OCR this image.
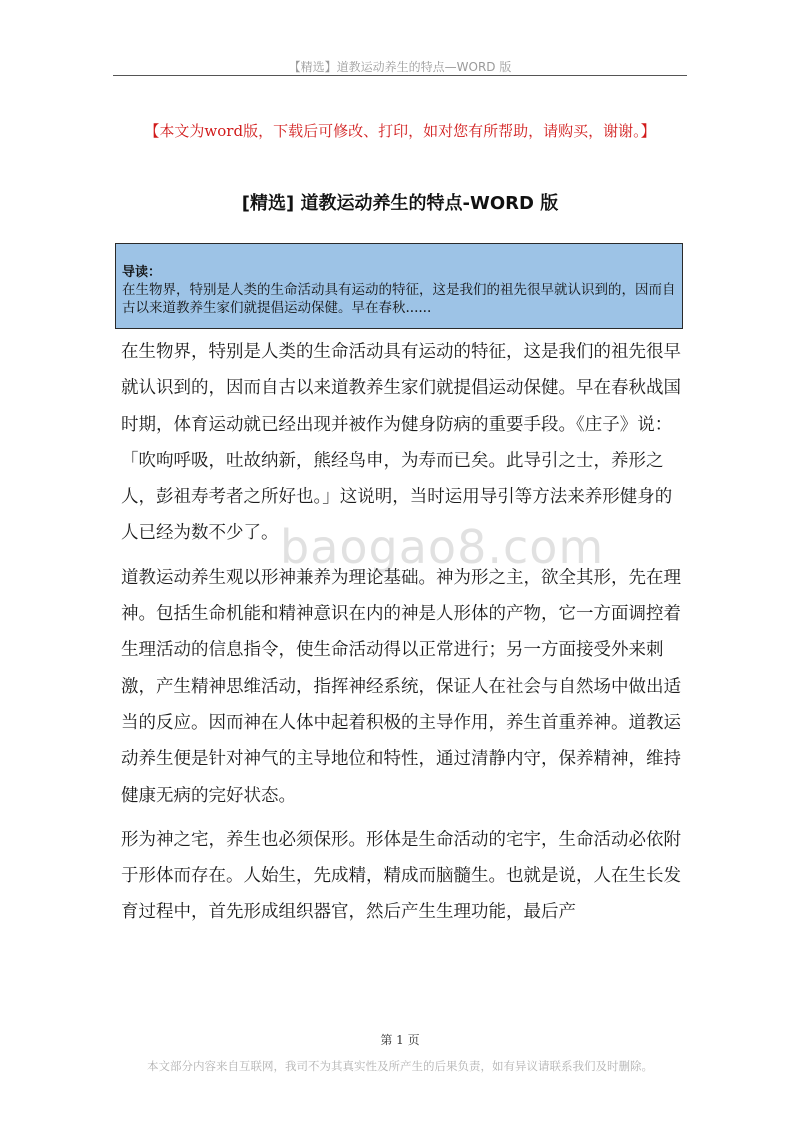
【精选】道教运动养生的特点—WORD 版
【本文为word版，下载后可修改、打印，如对您有所帮助，请购买，谢谢。】
[精选] 道教运动养生的特点-WORD 版
导读：
在生物界，特别是人类的生命活动具有运动的特征，这是我们的祖先很早就认识到的，因而自古以来道教养生家们就提倡运动保健。早在春秋......
baogao8.com

在生物界，特别是人类的生命活动具有运动的特征，这是我们的祖先很早就认识到的，因而自古以来道教养生家们就提倡运动保健。早在春秋战国时期，体育运动就已经出现并被作为健身防病的重要手段。《庄子》说：「吹呴呼吸，吐故纳新，熊经鸟申，为寿而已矣。此导引之士，养形之人，彭祖寿考者之所好也。」这说明，当时运用导引等方法来养形健身的人已经为数不少了。

道教运动养生观以形神兼养为理论基础。神为形之主，欲全其形，先在理神。包括生命机能和精神意识在内的神是人形体的产物，它一方面调控着生理活动的信息指令，使生命活动得以正常进行；另一方面接受外来刺激，产生精神思维活动，指挥神经系统，保证人在社会与自然场中做出适当的反应。因而神在人体中起着积极的主导作用，养生首重养神。道教运动养生便是针对神气的主导地位和特性，通过清静内守，保养精神，维持健康无病的完好状态。

形为神之宅，养生也必须保形。形体是生命活动的宅宇，生命活动必依附于形体而存在。人始生，先成精，精成而脑髓生。也就是说，人在生长发育过程中，首先形成组织器官，然后产生生理功能，最后产

第 1 页
本文部分内容来自互联网，我司不为其真实性及所产生的后果负责，如有异议请联系我们及时删除。
